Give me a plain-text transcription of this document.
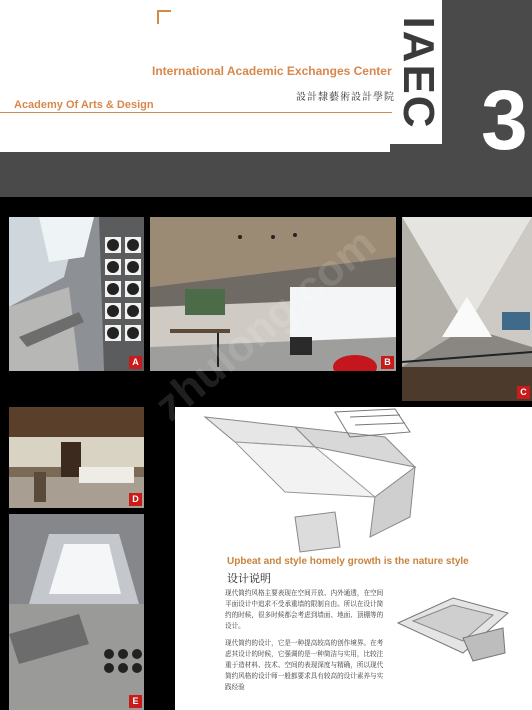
International Academic Exchanges Center
設計隸藝術設計學院
Academy Of Arts & Design	IAEC 3
A	B
C
D
E
Upbeat and style homely growth is the nature style
设计说明

现代简约风格主要表现在空间开放、内外通透，在空间平面设计中追求不受承重墙的限制自由。所以在设计简约的时候，很多时候都会考虑到墙面、地面、顶棚等的设计。

现代简约的设计，它是一种提高较高的创作境界。在考虑其设计的时候，它强调的是一种简洁与实用，比较注重于造材料、技术、空间的表现深度与精确，所以现代简约风格的设计师一般都要求具有较高的设计素养与实践经验
